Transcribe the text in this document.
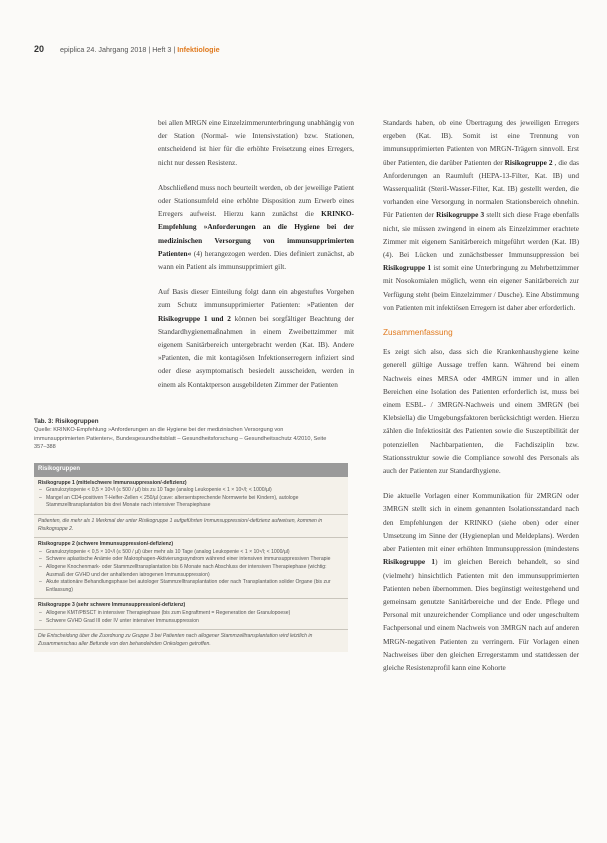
20 epiplica 24. Jahrgang 2018 | Heft 3 |
Infektiologie

bei allen MRGN eine Einzelzimmerunterbringung unabhängig von der Station (Normal- wie Intensivstation) bzw. Stationen, entscheidend ist hier für die erhöhte Freisetzung eines Erregers, nicht nur dessen Resistenz.

Abschließend muss noch beurteilt werden, ob der jeweilige Patient oder Stationsumfeld eine erhöhte Disposition zum Erwerb eines Erregers aufweist. Hierzu kann zunächst die KRINKO-Empfehlung »Anforderungen an die Hygiene bei der medizinischen Versorgung von immunsupprimierten Patienten« (4) herangezogen werden. Dies definiert zunächst, ab wann ein Patient als immunsupprimiert gilt.

Auf Basis dieser Einteilung folgt dann ein abgestuftes Vorgehen zum Schutz immunsupprimierter Patienten: »Patienten der Risikogruppe 1 und 2 können bei sorgfältiger Beachtung der Standardhygienemaßnahmen in einem Zweibettzimmer mit eigenem Sanitärbereich untergebracht werden (Kat. IB). Andere »Patienten, die mit kontagiösen Infektionserregern infiziert sind oder diese asymptomatisch besiedelt ausscheiden, werden in einem als Kontaktperson ausgebildeten Zimmer der Patienten

Standards haben, ob eine Übertragung des jeweiligen Erregers ergeben (Kat. IB). Somit ist eine Trennung von immunsupprimierten Patienten von MRGN-Trägern sinnvoll. Erst über Patienten, die darüber Patienten der Risikogruppe 2 , die das Anforderungen an Raumluft (HEPA-13-Filter, Kat. IB) und Wasserqualität (Steril-Wasser-Filter, Kat. IB) gestellt werden, die vorhanden eine Versorgung in normalen Stationsbereich ohnehin. Für Patienten der Risikogruppe 3 stellt sich diese Frage ebenfalls nicht, sie müssen zwingend in einem als Einzelzimmer erachtete Zimmer mit eigenem Sanitärbereich mitgeführt werden (Kat. IB) (4). Bei Lücken und zunächstbesser Immunsuppression bei Risikogruppe 1 ist somit eine Unterbringung zu Mehrbettzimmer mit Nosokomialen möglich, wenn ein eigener Sanitärbereich zur Verfügung steht (beim Einzelzimmer / Dusche). Eine Abstimmung von Patienten mit infektiösen Erregern ist daher aber erforderlich.

Zusammenfassung

Es zeigt sich also, dass sich die Krankenhaushygiene keine generell gültige Aussage treffen kann. Während bei einem Nachweis eines MRSA oder 4MRGN immer und in allen Bereichen eine Isolation des Patienten erforderlich ist, muss bei einem ESBL- / 3MRGN-Nachweis und einem 3MRGN (bei Klebsiella) die Umgebungsfaktoren berücksichtigt werden. Hierzu zählen die Infektiosität des Patienten sowie die Suszeptibilität der potenziellen Nachbarpatienten, die Fachdisziplin bzw. Stationsstruktur sowie die Compliance sowohl des Personals als auch der Patienten zur Standardhygiene.

Die aktuelle Vorlagen einer Kommunikation für 2MRGN oder 3MRGN stellt sich in einem genannten Isolationsstandard nach den Empfehlungen der KRINKO (siehe oben) oder einer Umsetzung im Sinne der (Hygieneplan und Meldeplans). Werden aber Patienten mit einer erhöhten Immunsuppression (mindestens Risikogruppe 1) im gleichen Bereich behandelt, so sind (vielmehr) hinsichtlich Patienten mit den immunsupprimierten Patienten neben übernommen. Dies begünstigt weitestgehend und gemeinsam genutzte Sanitärbereiche und der Ende. Pflege und Personal mit unzureichender Compliance und oder ungeschultem Fachpersonal und einem Nachweis von 3MRGN nach auf anderen MRGN-negativen Patienten zu verringern. Für Vorlagen einen Nachweises über den gleichen Erregerstamm und stattdessen der gleiche Resistenzprofil kann eine Kohorte

Tab. 3: Risikogruppen
Quelle: KRINKO-Empfehlung »Anforderungen an die Hygiene bei der medizinischen Versorgung von immunsupprimierten Patienten«, Bundesgesundheitsblatt – Gesundheitsforschung – Gesundheitsschutz 4/2010, Seite 357–388
Risikogruppen
Risikogruppe 1 (mittelschwere Immunsuppression/-defizienz)
– Granulozytopenie < 0,5 × 10⁹/l (≤ 500 / µl) bis zu 10 Tage (analog Leukopenie < 1 × 10⁹/l; < 1000/µl)
– Mangel an CD4-positiven T-Helfer-Zellen < 250/µl (cave: altersentsprechende Normwerte bei Kindern), autologe Stammzelltransplantation bis drei Monate nach intensiver Therapiephase
Patienten, die mehr als 1 Merkmal der unter Risikogruppe 1 aufgeführten Immunsuppression/-defizienz aufweisen, kommen in Risikogruppe 2.
Risikogruppe 2 (schwere Immunsuppression/-defizienz)
– Granulozytopenie < 0,5 × 10⁹/l (≤ 500 / µl) über mehr als 10 Tage (analog Leukopenie < 1 × 10⁹/l; < 1000/µl)
– Schwere aplastische Anämie oder Makrophagen-Aktivierungssyndrom während einer intensiven immunsuppressiven Therapie
– Allogene Knochenmark- oder Stammzelltransplantation bis 6 Monate nach Abschluss der intensiven Therapiephase (wichtig: Ausmaß der GVHD und der anhaltenden iatrogenen Immunsuppression)
– Akute stationäre Behandlungsphase bei autologer Stammzelltransplantation oder nach Transplantation solider Organe (bis zur Entlassung)
Risikogruppe 3 (sehr schwere Immunsuppression/-defizienz)
– Allogene KMT/PBSCT in intensiver Therapiephase (bis zum Engraftment = Regeneration der Granulopoese)
– Schwere GVHD Grad III oder IV unter intensiver Immunsuppression
Die Entscheidung über die Zuordnung zu Gruppe 3 bei Patienten nach allogener Stammzelltransplantation wird letztlich in Zusammenschau aller Befunde von den behandelnden Onkologen getroffen.
